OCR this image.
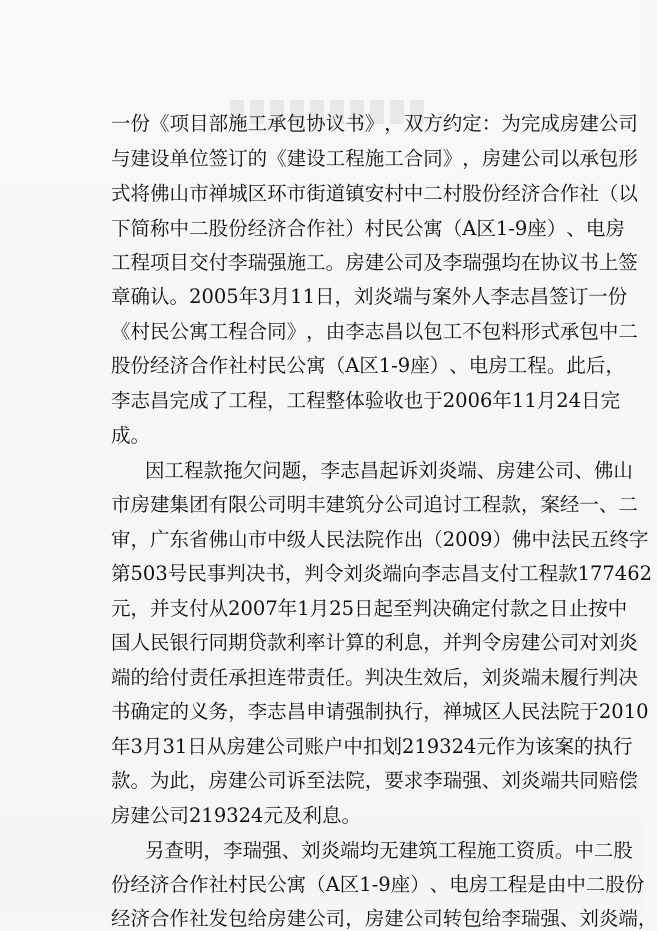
一 份 《 项 目 部 施 工 承 包 协 议 书 》 ， 双 方 约 定 ： 为 完 成 房 建 公 司
与 建 设 单 位 签 订 的 《 建 设 工 程 施 工 合 同 》 ， 房 建 公 司 以 承 包 形
式 将 佛 山 市 禅 城 区 环 市 街 道 镇 安 村 中 二 村 股 份 经 济 合 作 社 （ 以
下 简 称 中 二 股 份 经 济 合 作 社 ） 村 民 公 寓 （ A 区 1-9 座 ） 、 电 房
工 程 项 目 交 付 李 瑞 强 施 工 。 房 建 公 司 及 李 瑞 强 均 在 协 议 书 上 签
章 确 认 。 2005 年 3 月 11 日 ， 刘 炎 端 与 案 外 人 李 志 昌 签 订 一 份
《 村 民 公 寓 工 程 合 同 》 ， 由 李 志 昌 以 包 工 不 包 料 形 式 承 包 中 二
股 份 经 济 合 作 社 村 民 公 寓 （ A 区 1-9 座 ） 、 电 房 工 程 。 此 后 ，
李 志 昌 完 成 了 工 程 ， 工 程 整 体 验 收 也 于 2006 年 11 月 24 日 完
成。
因 工 程 款 拖 欠 问 题 ， 李 志 昌 起 诉 刘 炎 端 、 房 建 公 司 、 佛 山
市 房 建 集 团 有 限 公 司 明 丰 建 筑 分 公 司 追 讨 工 程 款 ， 案 经 一 、 二
审 ， 广 东 省 佛 山 市 中 级 人 民 法 院 作 出 （ 2009 ） 佛 中 法 民 五 终 字
第 503 号 民 事 判 决 书 ， 判 令 刘 炎 端 向 李 志 昌 支 付 工 程 款 177462
元 ， 并 支 付 从 2007 年 1 月 25 日 起 至 判 决 确 定 付 款 之 日 止 按 中
国 人 民 银 行 同 期 贷 款 利 率 计 算 的 利 息 ， 并 判 令 房 建 公 司 对 刘 炎
端 的 给 付 责 任 承 担 连 带 责 任 。 判 决 生 效 后 ， 刘 炎 端 未 履 行 判 决
书 确 定 的 义 务 ， 李 志 昌 申 请 强 制 执 行 ， 禅 城 区 人 民 法 院 于 2010
年 3 月 31 日 从 房 建 公 司 账 户 中 扣 划 219324 元 作 为 该 案 的 执 行
款 。 为 此 ， 房 建 公 司 诉 至 法 院 ， 要 求 李 瑞 强 、 刘 炎 端 共 同 赔 偿
房建公司219324元及利息。
另 查 明 ， 李 瑞 强 、 刘 炎 端 均 无 建 筑 工 程 施 工 资 质 。 中 二 股
份 经 济 合 作 社 村 民 公 寓 （ A 区 1-9 座 ） 、 电 房 工 程 是 由 中 二 股 份
经 济 合 作 社 发 包 给 房 建 公 司 ， 房 建 公 司 转 包 给 李 瑞 强 、 刘 炎 端 ，
